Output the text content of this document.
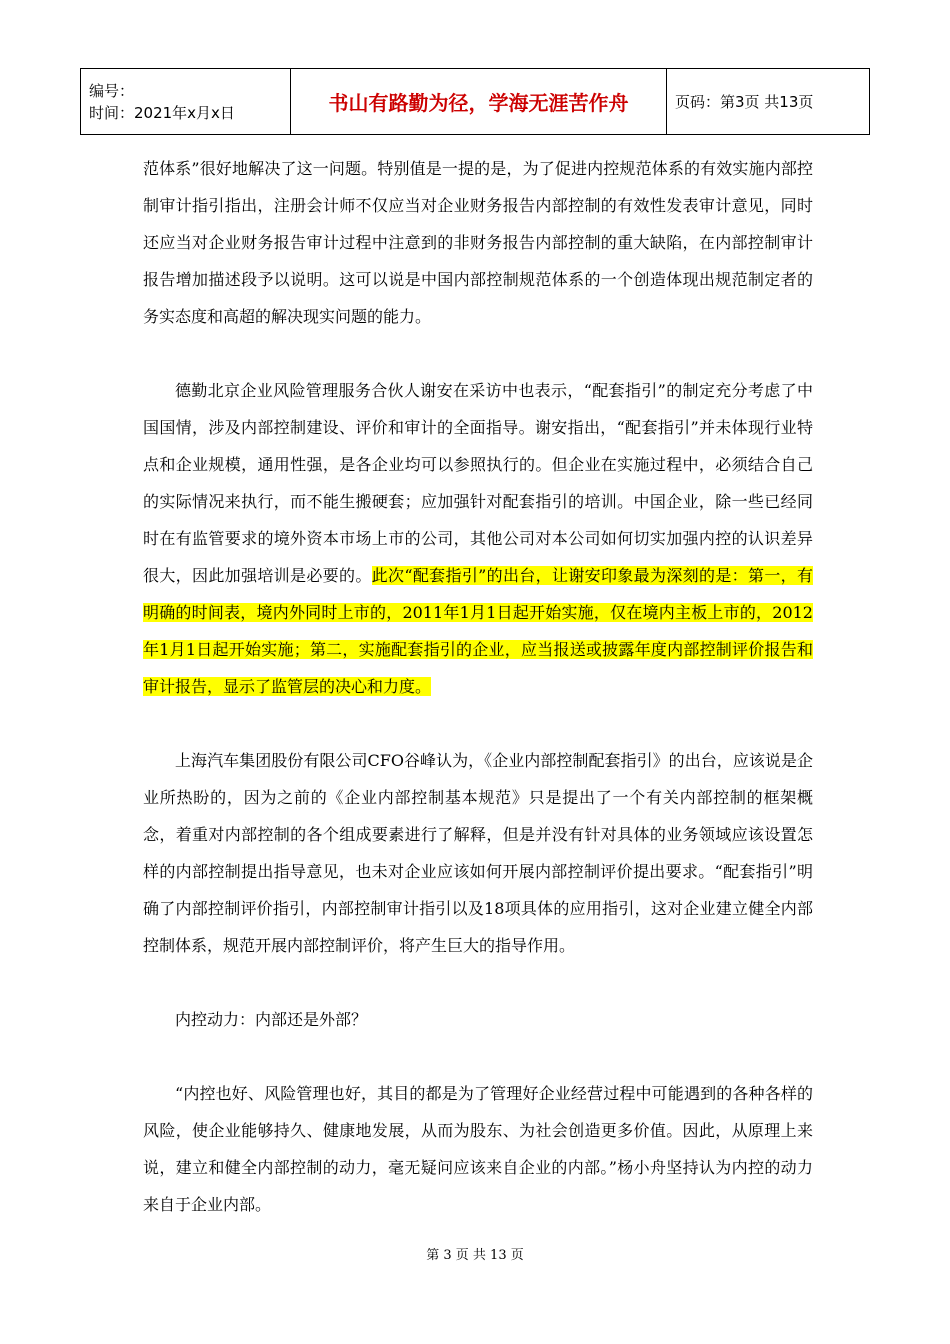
编号：
时间：2021年x月x日	书山有路勤为径，学海无涯苦作舟	页码：第3页 共13页

范体系”很好地解决了这一问题。特别值是一提的是，为了促进内控规范体系的有效实施内部控制审计指引指出，注册会计师不仅应当对企业财务报告内部控制的有效性发表审计意见，同时还应当对企业财务报告审计过程中注意到的非财务报告内部控制的重大缺陷，在内部控制审计报告增加描述段予以说明。这可以说是中国内部控制规范体系的一个创造体现出规范制定者的务实态度和高超的解决现实问题的能力。

德勤北京企业风险管理服务合伙人谢安在采访中也表示，“配套指引”的制定充分考虑了中国国情，涉及内部控制建设、评价和审计的全面指导。谢安指出，“配套指引”并未体现行业特点和企业规模，通用性强，是各企业均可以参照执行的。但企业在实施过程中，必须结合自己的实际情况来执行，而不能生搬硬套；应加强针对配套指引的培训。中国企业，除一些已经同时在有监管要求的境外资本市场上市的公司，其他公司对本公司如何切实加强内控的认识差异很大，因此加强培训是必要的。此次“配套指引”的出台，让谢安印象最为深刻的是：第一，有明确的时间表，境内外同时上市的，2011年1月1日起开始实施，仅在境内主板上市的，2012年1月1日起开始实施；第二，实施配套指引的企业，应当报送或披露年度内部控制评价报告和审计报告，显示了监管层的决心和力度。

上海汽车集团股份有限公司CFO谷峰认为，《企业内部控制配套指引》的出台，应该说是企业所热盼的，因为之前的《企业内部控制基本规范》只是提出了一个有关内部控制的框架概念，着重对内部控制的各个组成要素进行了解释，但是并没有针对具体的业务领域应该设置怎样的内部控制提出指导意见，也未对企业应该如何开展内部控制评价提出要求。“配套指引”明确了内部控制评价指引，内部控制审计指引以及18项具体的应用指引，这对企业建立健全内部控制体系，规范开展内部控制评价，将产生巨大的指导作用。

内控动力：内部还是外部？

“内控也好、风险管理也好，其目的都是为了管理好企业经营过程中可能遇到的各种各样的风险，使企业能够持久、健康地发展，从而为股东、为社会创造更多价值。因此，从原理上来说，建立和健全内部控制的动力，毫无疑问应该来自企业的内部。”杨小舟坚持认为内控的动力来自于企业内部。

第 3 页 共 13 页
